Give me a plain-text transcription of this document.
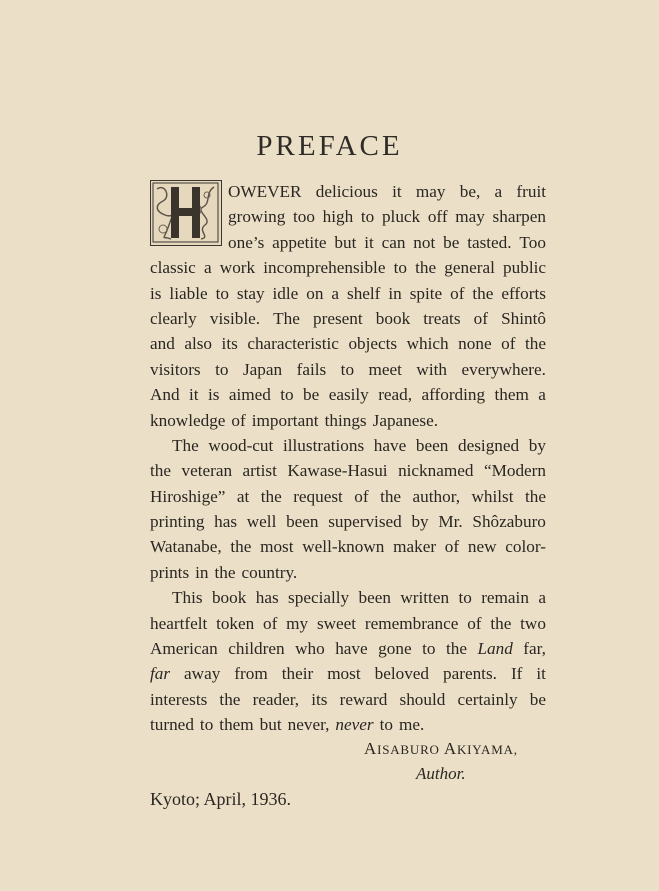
PREFACE
OWEVER delicious it may be, a fruit
growing too high to pluck off may sharpen
one’s appetite but it can not be tasted. Too
classic a work incomprehensible to the general public
is liable to stay idle on a shelf in spite of the efforts
clearly visible. The present book treats of Shintô
and also its characteristic objects which none of the
visitors to Japan fails to meet with everywhere.
And it is aimed to be easily read, affording them a
knowledge of important things Japanese.
The wood-cut illustrations have been designed by
the veteran artist Kawase-Hasui nicknamed “Modern
Hiroshige” at the request of the author, whilst the
printing has well been supervised by Mr. Shôzaburo
Watanabe, the most well-known maker of new color-
prints in the country.
This book has specially been written to remain a
heartfelt token of my sweet remembrance of the two
American children who have gone to the Land far,
far away from their most beloved parents. If it
interests the reader, its reward should certainly be
turned to them but never, never to me.
AISABURO AKIYAMA,
Author.
Kyoto; April, 1936.
